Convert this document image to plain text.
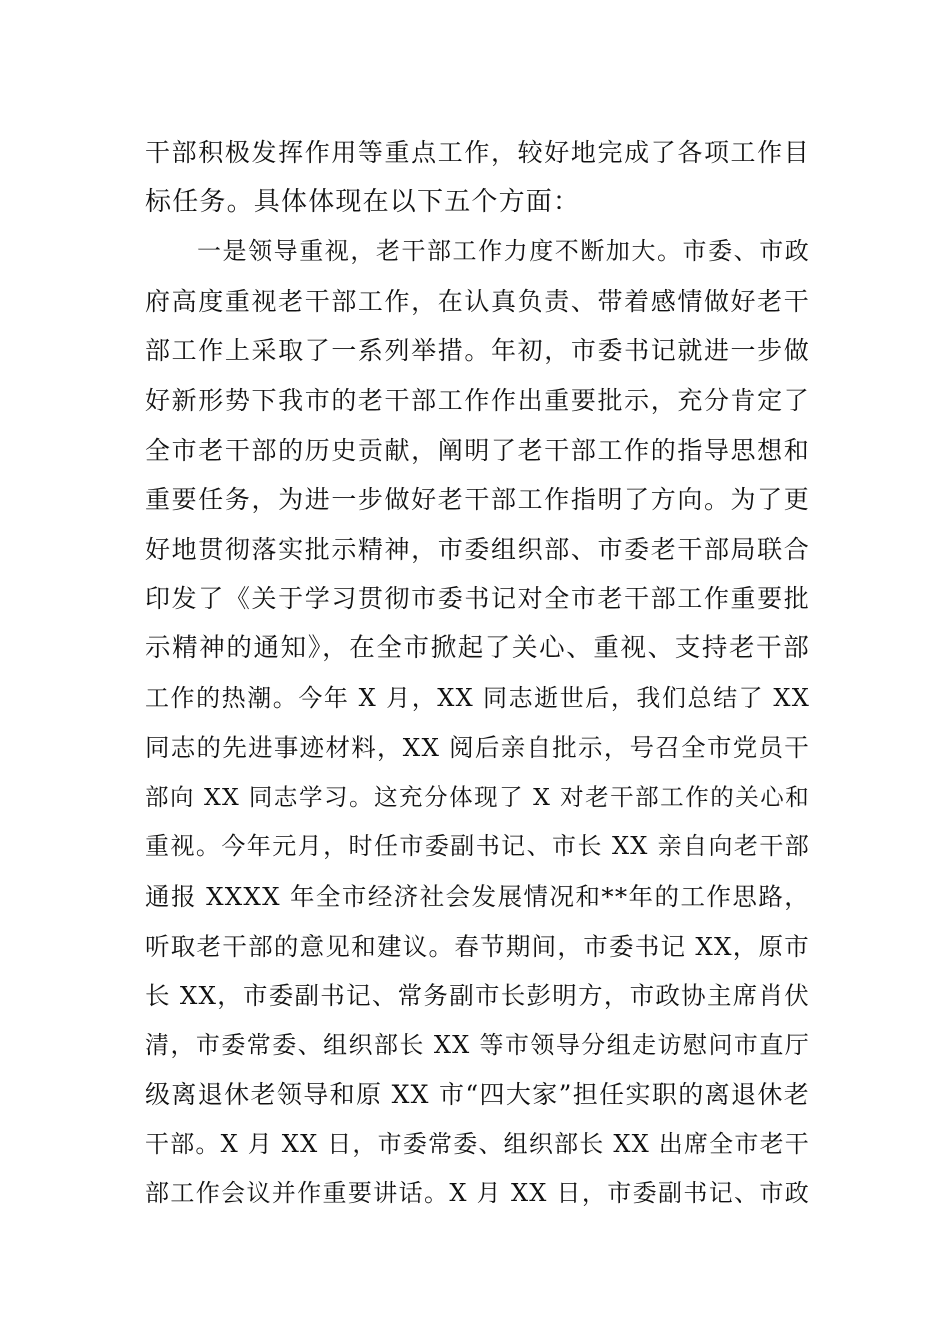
干部积极发挥作用等重点工作，较好地完成了各项工作目
标任务。具体体现在以下五个方面：
一是领导重视，老干部工作力度不断加大。市委、市政
府高度重视老干部工作，在认真负责、带着感情做好老干
部工作上采取了一系列举措。年初，市委书记就进一步做
好新形势下我市的老干部工作作出重要批示，充分肯定了
全市老干部的历史贡献，阐明了老干部工作的指导思想和
重要任务，为进一步做好老干部工作指明了方向。为了更
好地贯彻落实批示精神，市委组织部、市委老干部局联合
印发了《关于学习贯彻市委书记对全市老干部工作重要批
示精神的通知》，在全市掀起了关心、重视、支持老干部
工作的热潮。今年 X 月，XX 同志逝世后，我们总结了 XX
同志的先进事迹材料，XX 阅后亲自批示，号召全市党员干
部向 XX 同志学习。这充分体现了 X 对老干部工作的关心和
重视。今年元月，时任市委副书记、市长 XX 亲自向老干部
通报 XXXX 年全市经济社会发展情况和**年的工作思路，
听取老干部的意见和建议。春节期间，市委书记 XX，原市
长 XX，市委副书记、常务副市长彭明方，市政协主席肖伏
清，市委常委、组织部长 XX 等市领导分组走访慰问市直厅
级离退休老领导和原 XX 市“四大家”担任实职的离退休老
干部。X 月 XX 日，市委常委、组织部长 XX 出席全市老干
部工作会议并作重要讲话。X 月 XX 日，市委副书记、市政
